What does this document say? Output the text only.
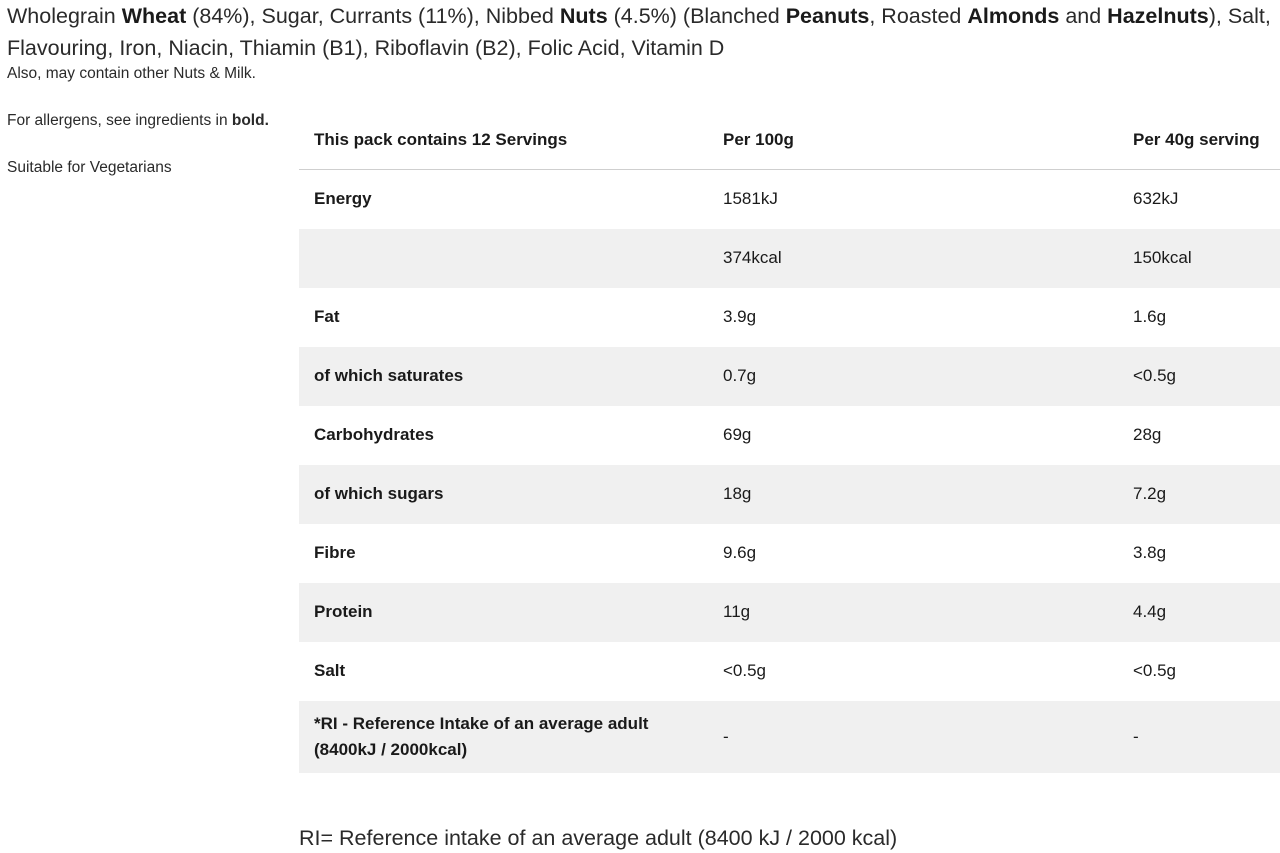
Wholegrain Wheat (84%), Sugar, Currants (11%), Nibbed Nuts (4.5%) (Blanched Peanuts, Roasted Almonds and Hazelnuts), Salt, Flavouring, Iron, Niacin, Thiamin (B1), Riboflavin (B2), Folic Acid, Vitamin D
Also, may contain other Nuts & Milk.
For allergens, see ingredients in bold.
Suitable for Vegetarians
This pack contains 12 Servings	Per 100g	Per 40g serving
Energy	1581kJ	632kJ
	374kcal	150kcal
Fat	3.9g	1.6g
of which saturates	0.7g	<0.5g
Carbohydrates	69g	28g
of which sugars	18g	7.2g
Fibre	9.6g	3.8g
Protein	11g	4.4g
Salt	<0.5g	<0.5g
*RI - Reference Intake of an average adult (8400kJ / 2000kcal)	-	-
RI= Reference intake of an average adult (8400 kJ / 2000 kcal)
